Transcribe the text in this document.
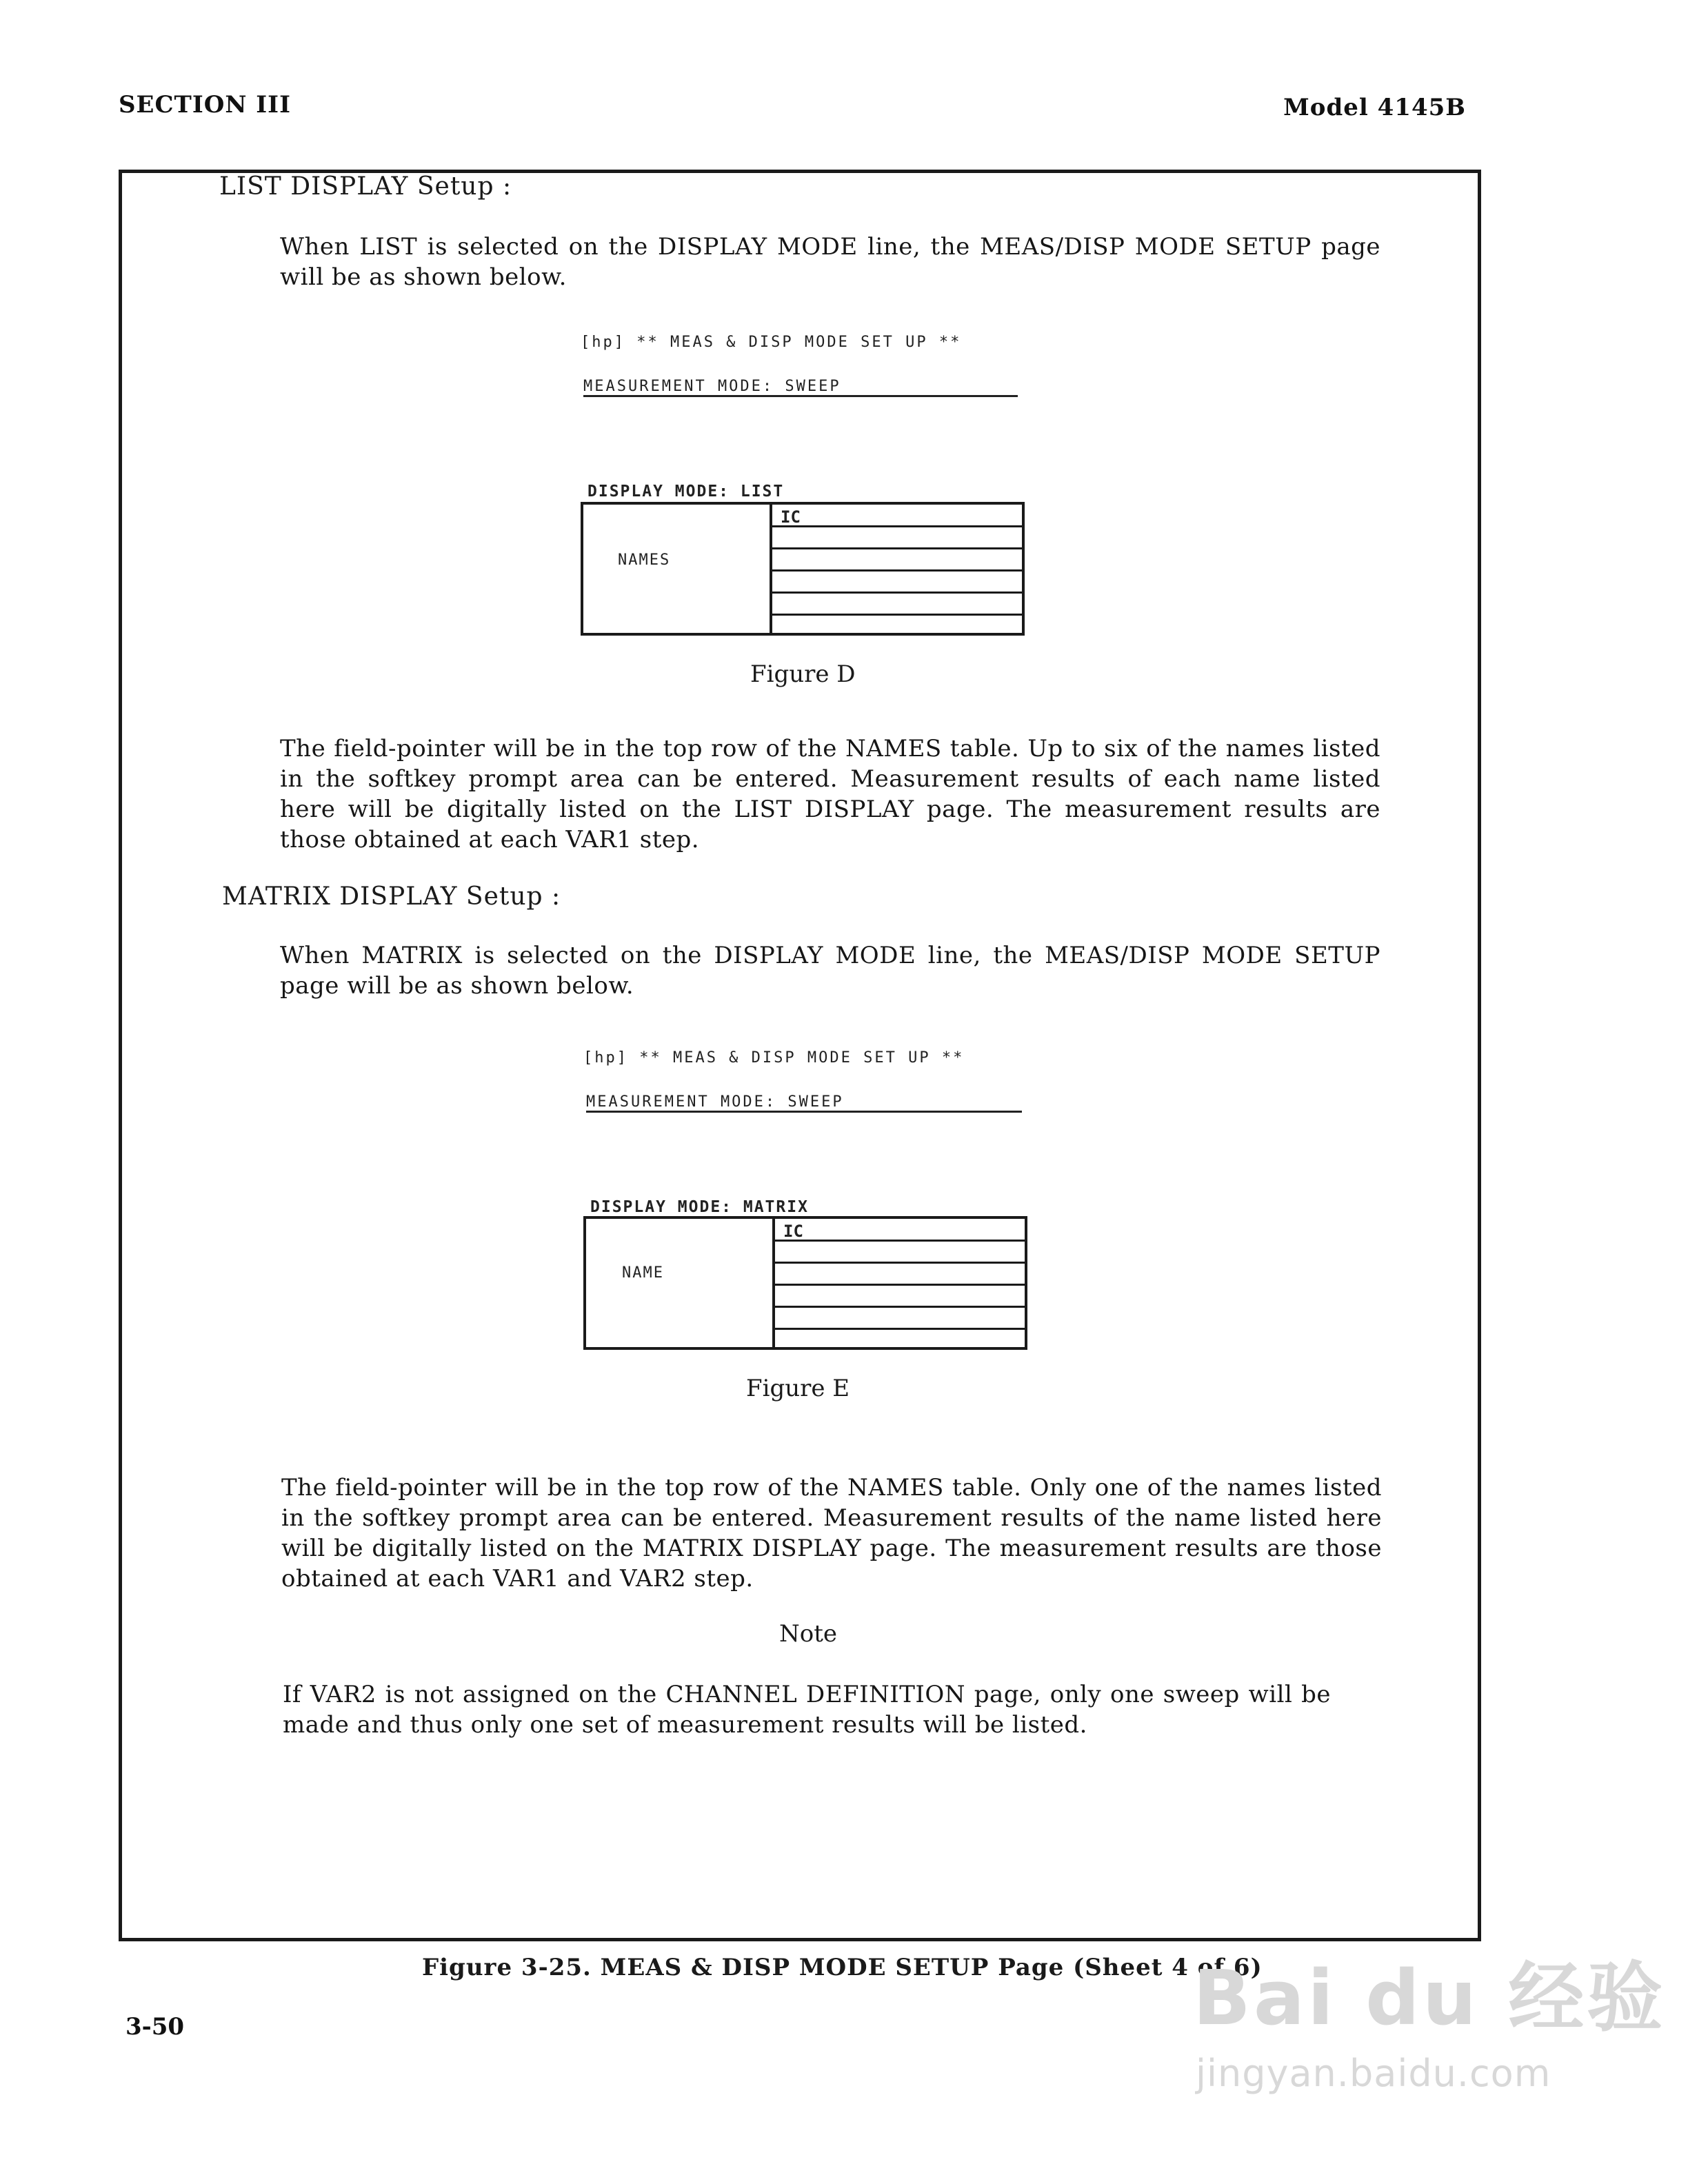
SECTION III	Model 4145B
LIST DISPLAY Setup :
When LIST is selected on the DISPLAY MODE line, the MEAS/DISP MODE SETUP page will be as shown below.
[hp] ** MEAS & DISP MODE SET UP **
MEASUREMENT MODE: SWEEP
DISPLAY MODE: LIST
NAMES
IC
Figure D
The field-pointer will be in the top row of the NAMES table. Up to six of the names listed in the softkey prompt area can be entered. Measurement results of each name listed here will be digitally listed on the LIST DISPLAY page. The measurement results are those obtained at each VAR1 step.
MATRIX DISPLAY Setup :
When MATRIX is selected on the DISPLAY MODE line, the MEAS/DISP MODE SETUP page will be as shown below.
[hp] ** MEAS & DISP MODE SET UP **
MEASUREMENT MODE: SWEEP
DISPLAY MODE: MATRIX
NAME
IC
Figure E
The field-pointer will be in the top row of the NAMES table. Only one of the names listed in the softkey prompt area can be entered. Measurement results of the name listed here will be digitally listed on the MATRIX DISPLAY page. The measurement results are those obtained at each VAR1 and VAR2 step.
Note
If VAR2 is not assigned on the CHANNEL DEFINITION page, only one sweep will be made and thus only one set of measurement results will be listed.
Figure 3-25. MEAS & DISP MODE SETUP Page (Sheet 4 of 6)
3-50	Bai du 经验
jingyan.baidu.com
